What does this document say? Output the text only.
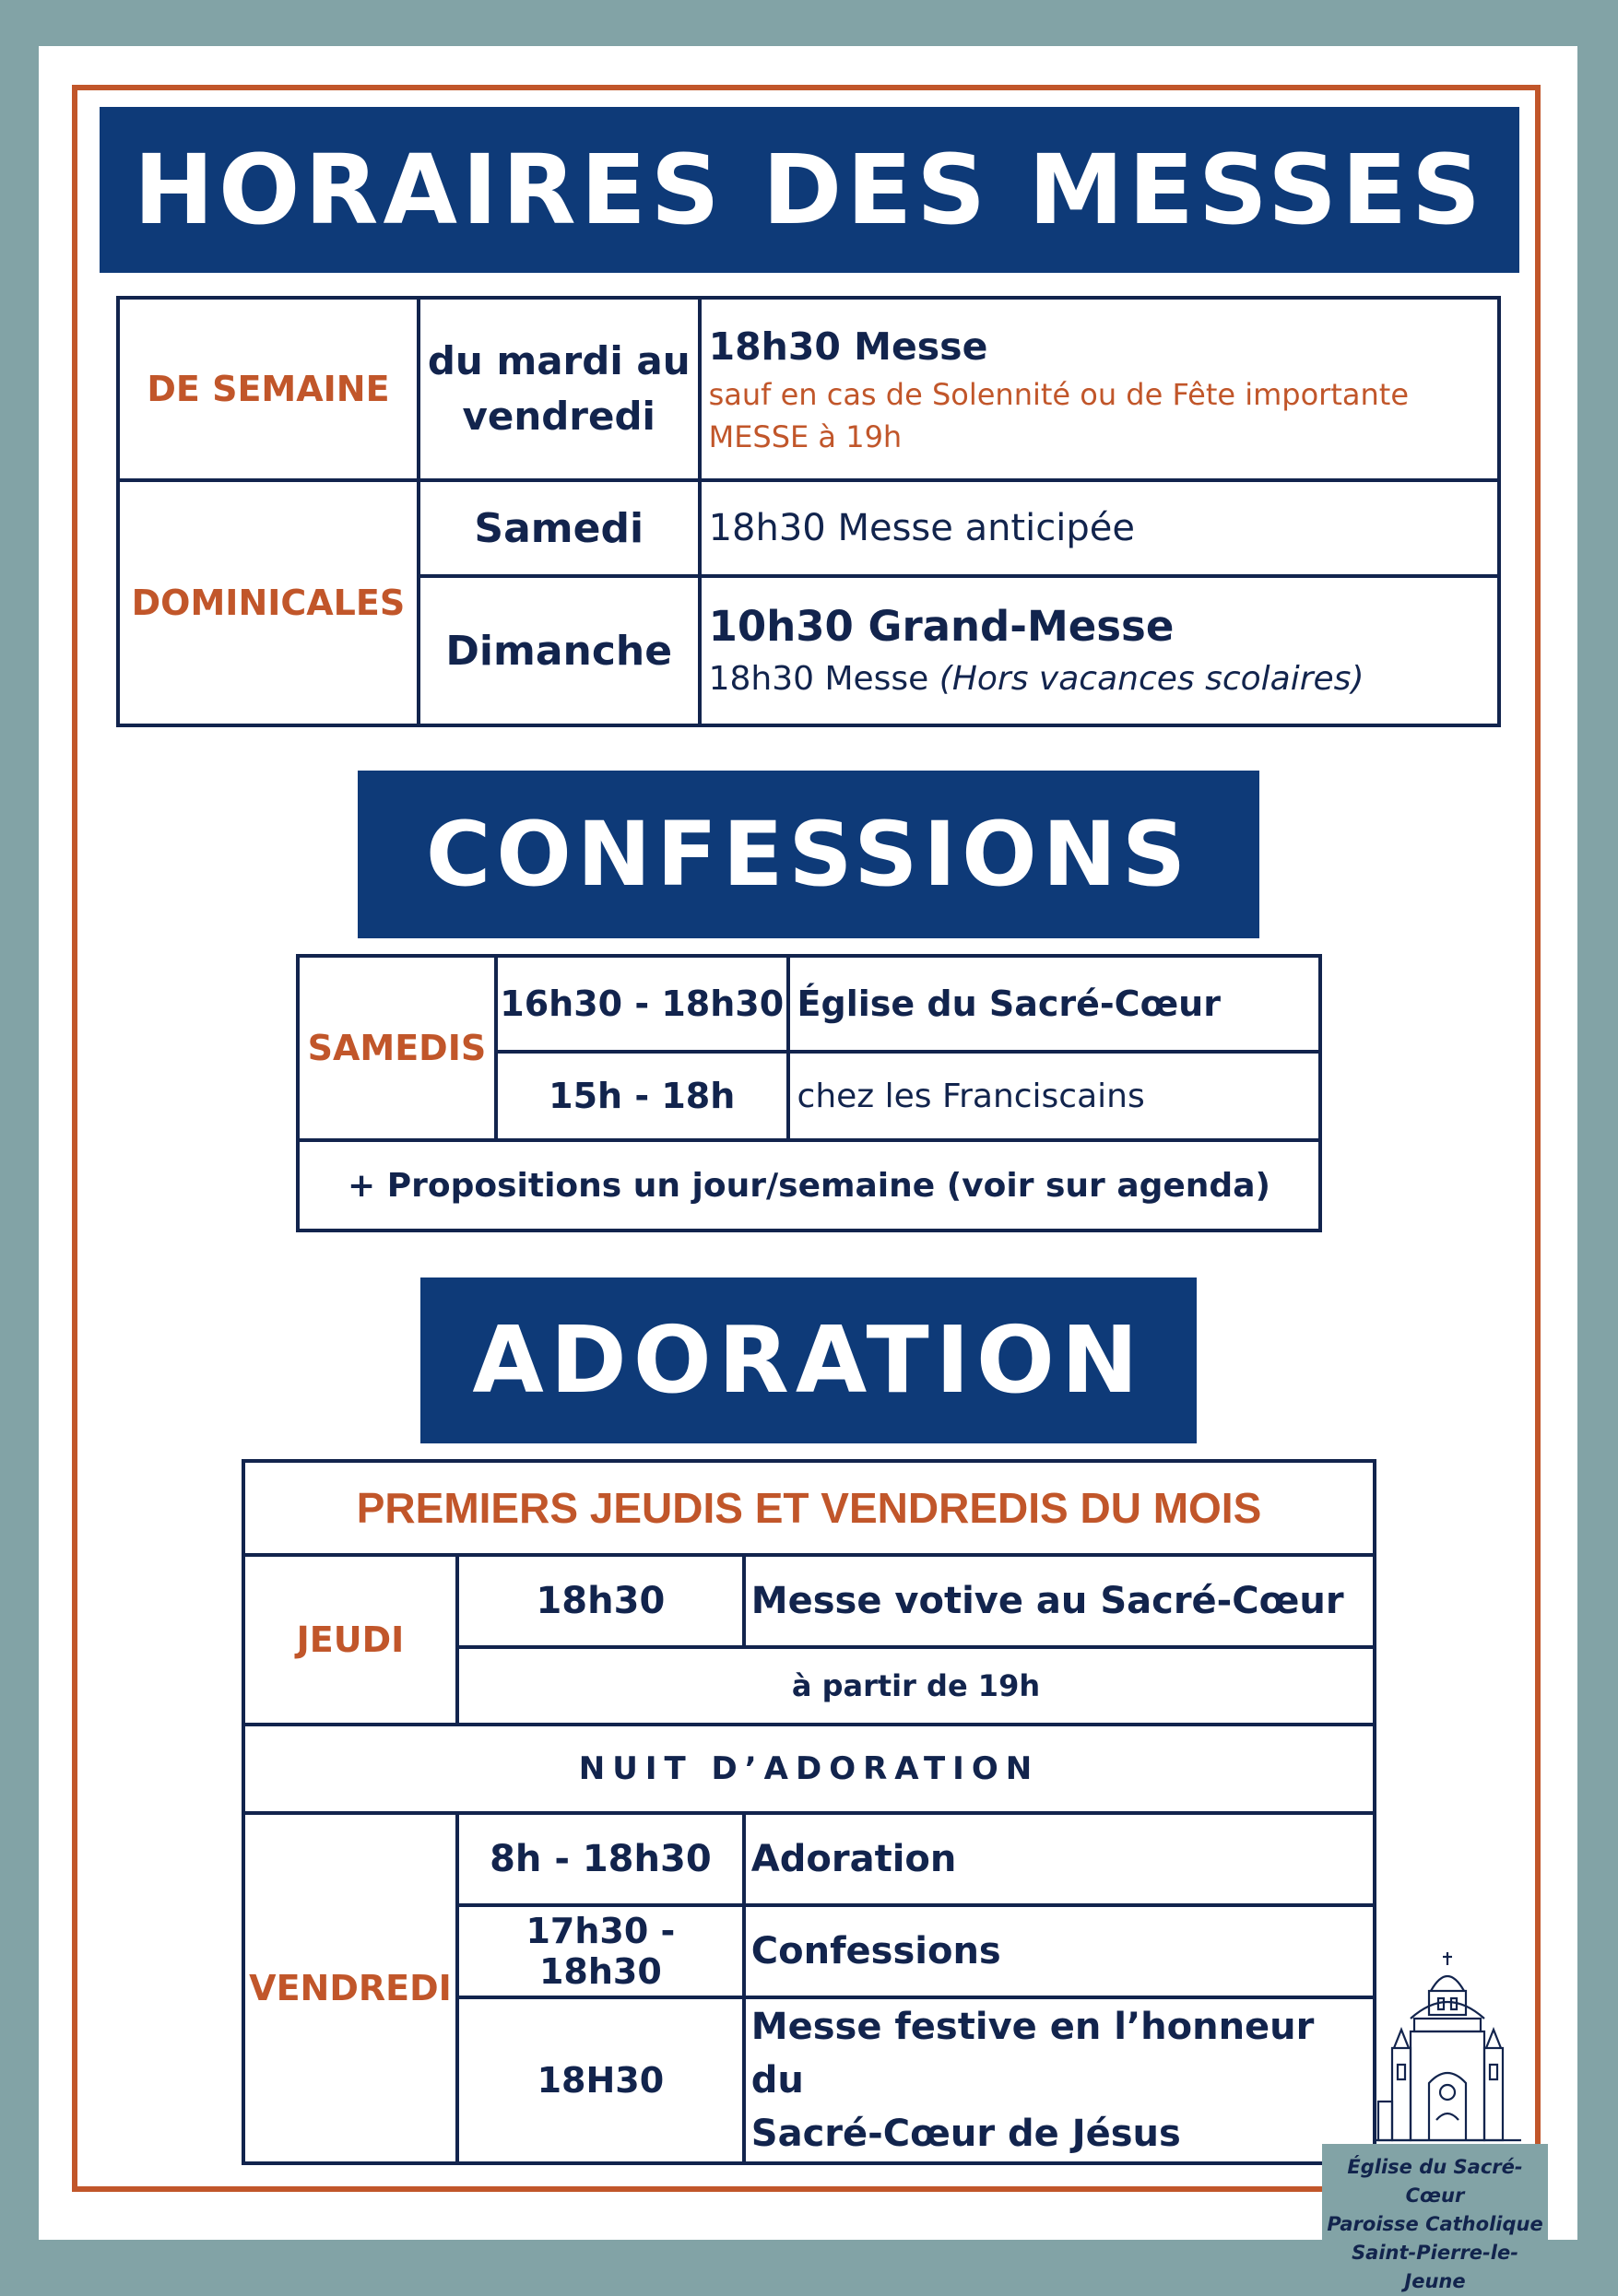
HORAIRES DES MESSES
DE SEMAINE	du mardi au vendredi	18h30 Messe
sauf en cas de Solennité ou de Fête importante
MESSE à 19h

DOMINICALES	Samedi	18h30 Messe anticipée
	Dimanche	10h30 Grand-Messe
18h30 Messe (Hors vacances scolaires)
CONFESSIONS
SAMEDIS	16h30 - 18h30	Église du Sacré-Cœur
	15h - 18h	chez les Franciscains
+ Propositions un jour/semaine (voir sur agenda)		
ADORATION
PREMIERS JEUDIS ET VENDREDIS DU MOIS		
JEUDI	18h30	Messe votive au Sacré-Cœur
	à partir de 19h	
NUIT D’ADORATION		
VENDREDI	8h - 18h30	Adoration
	17h30 - 18h30	Confessions
	18H30	Messe festive en l’honneur du
Sacré-Cœur de Jésus
Église du Sacré-Cœur
Paroisse Catholique
Saint-Pierre-le-Jeune
